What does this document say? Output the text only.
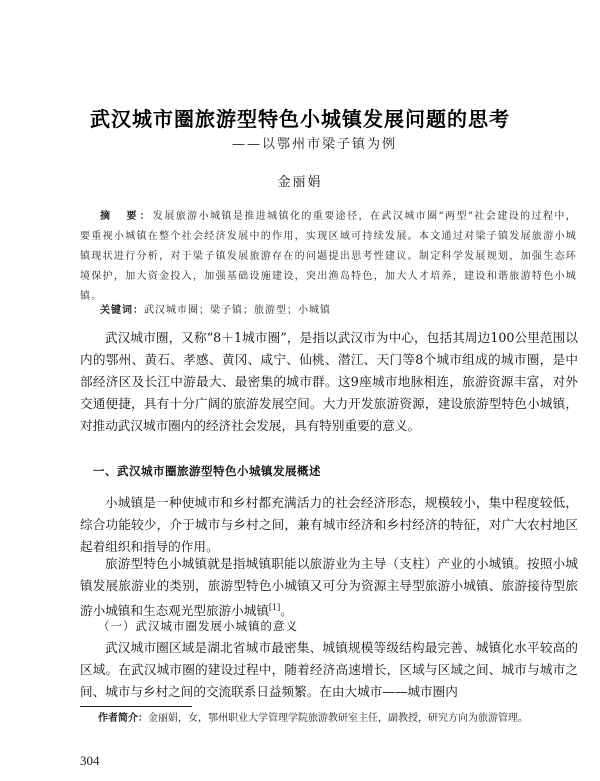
武汉城市圈旅游型特色小城镇发展问题的思考
——以鄂州市梁子镇为例
金丽娟
摘　要：发展旅游小城镇是推进城镇化的重要途径，在武汉城市圈“两型”社会建设的过程中，要重视小城镇在整个社会经济发展中的作用，实现区域可持续发展。本文通过对梁子镇发展旅游小城镇现状进行分析，对于梁子镇发展旅游存在的问题提出思考性建议。制定科学发展规划，加强生态环境保护，加大资金投入，加强基础设施建设，突出渔岛特色，加大人才培养，建设和谐旅游特色小城镇。
关键词：武汉城市圈；梁子镇；旅游型；小城镇
武汉城市圈，又称“8＋1城市圈”，是指以武汉市为中心，包括其周边100公里范围以内的鄂州、黄石、孝感、黄冈、咸宁、仙桃、潜江、天门等8个城市组成的城市圈，是中部经济区及长江中游最大、最密集的城市群。这9座城市地脉相连，旅游资源丰富，对外交通便捷，具有十分广阔的旅游发展空间。大力开发旅游资源，建设旅游型特色小城镇，对推动武汉城市圈内的经济社会发展，具有特别重要的意义。
一、武汉城市圈旅游型特色小城镇发展概述
小城镇是一种使城市和乡村都充满活力的社会经济形态，规模较小，集中程度较低，综合功能较少，介于城市与乡村之间，兼有城市经济和乡村经济的特征，对广大农村地区起着组织和指导的作用。
旅游型特色小城镇就是指城镇职能以旅游业为主导（支柱）产业的小城镇。按照小城镇发展旅游业的类别，旅游型特色小城镇又可分为资源主导型旅游小城镇、旅游接待型旅游小城镇和生态观光型旅游小城镇[1]。
（一）武汉城市圈发展小城镇的意义
武汉城市圈区域是湖北省城市最密集、城镇规模等级结构最完善、城镇化水平较高的区域。在武汉城市圈的建设过程中，随着经济高速增长，区域与区域之间、城市与城市之间、城市与乡村之间的交流联系日益频繁。在由大城市——城市圈内
作者简介：金丽娟，女，鄂州职业大学管理学院旅游教研室主任，副教授，研究方向为旅游管理。
304
